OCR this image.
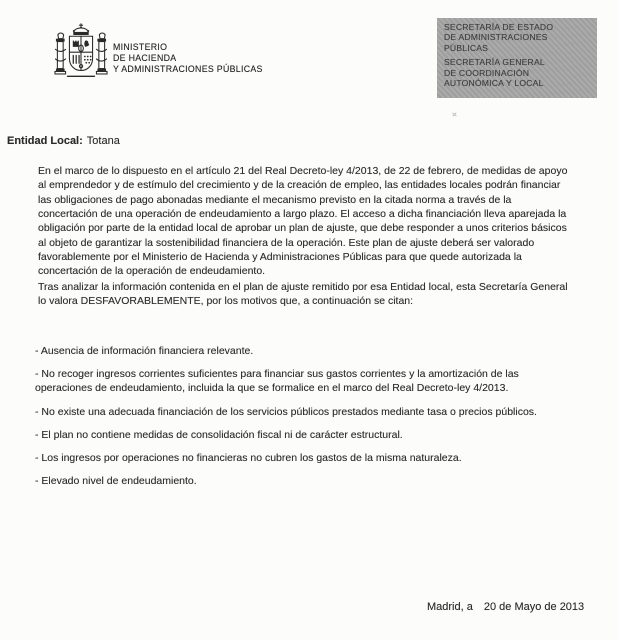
MINISTERIO
DE HACIENDA
Y ADMINISTRACIONES PÚBLICAS
SECRETARÍA DE ESTADO
DE ADMINISTRACIONES
PÚBLICAS
SECRETARÍA GENERAL
DE COORDINACIÓN
AUTONÓMICA Y LOCAL
Entidad Local: Totana
En el marco de lo dispuesto en el artículo 21 del Real Decreto-ley 4/2013, de 22 de febrero, de medidas de apoyo
al emprendedor y de estímulo del crecimiento y de la creación de empleo, las entidades locales podrán financiar
las obligaciones de pago abonadas mediante el mecanismo previsto en la citada norma a través de la
concertación de una operación de endeudamiento a largo plazo. El acceso a dicha financiación lleva aparejada la
obligación por parte de la entidad local de aprobar un plan de ajuste, que debe responder a unos criterios básicos
al objeto de garantizar la sostenibilidad financiera de la operación. Este plan de ajuste deberá ser valorado
favorablemente por el Ministerio de Hacienda y Administraciones Públicas para que quede autorizada la
concertación de la operación de endeudamiento.
Tras analizar la información contenida en el plan de ajuste remitido por esa Entidad local, esta Secretaría General
lo valora DESFAVORABLEMENTE, por los motivos que, a continuación se citan:
- Ausencia de información financiera relevante.
- No recoger ingresos corrientes suficientes para financiar sus gastos corrientes y la amortización de las
operaciones de endeudamiento, incluida la que se formalice en el marco del Real Decreto-ley 4/2013.
- No existe una adecuada financiación de los servicios públicos prestados mediante tasa o precios públicos.
- El plan no contiene medidas de consolidación fiscal ni de carácter estructural.
- Los ingresos por operaciones no financieras no cubren los gastos de la misma naturaleza.
- Elevado nivel de endeudamiento.
Madrid, a 20 de Mayo de 2013
